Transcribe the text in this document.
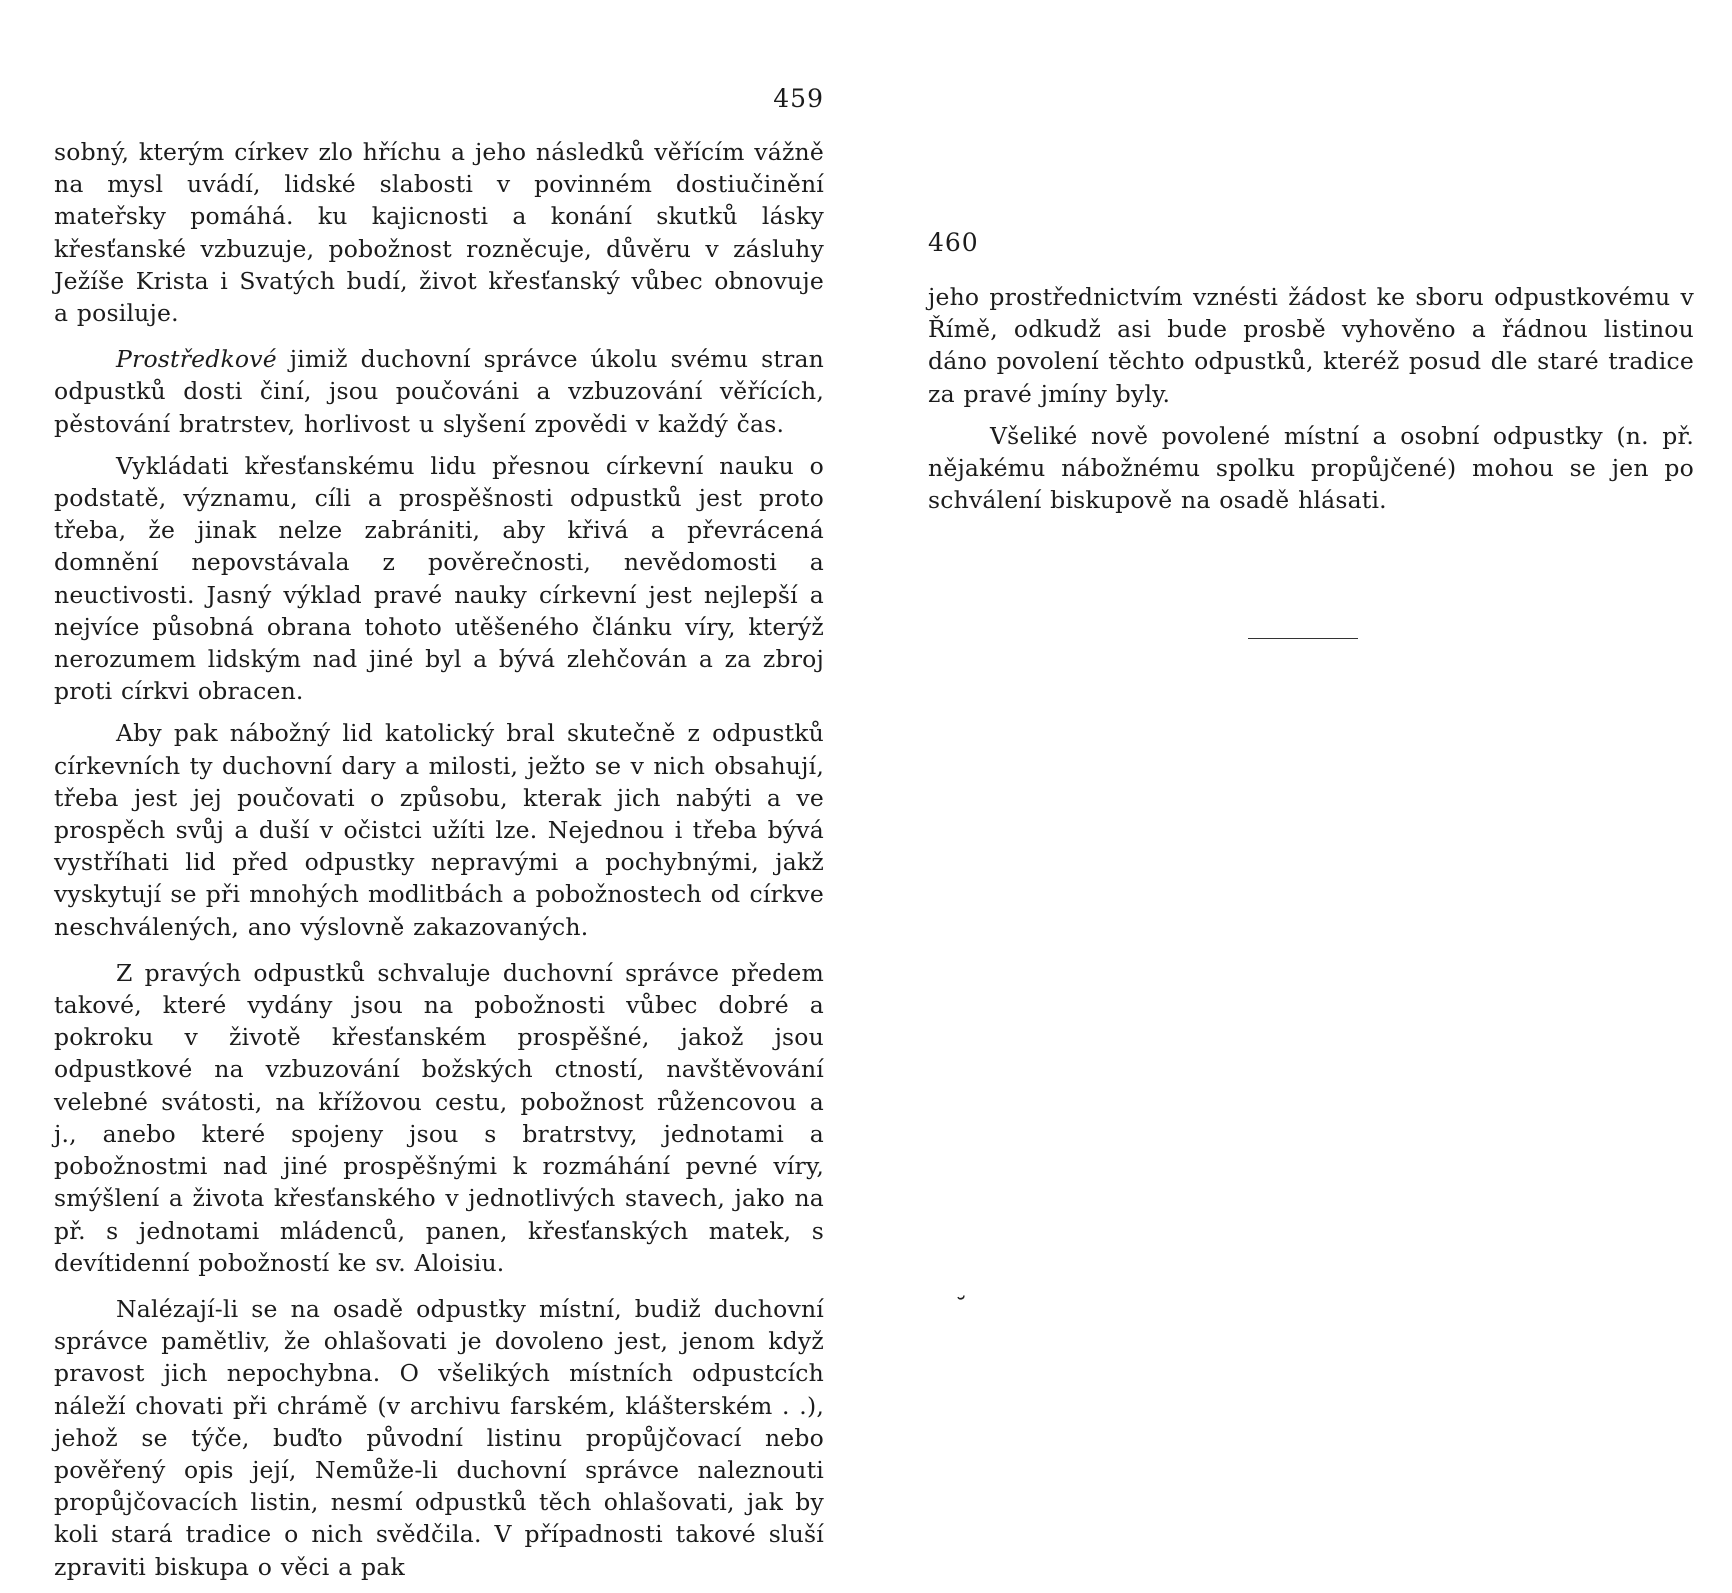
459

sobný, kterým církev zlo hříchu a jeho následků věřícím vážně na mysl uvádí, lidské slabosti v povinném dostiučinění mateřsky pomáhá. ku kajicnosti a konání skutků lásky křesťanské vzbuzuje, pobožnost rozněcuje, důvěru v zásluhy Ježíše Krista i Svatých budí, život křesťanský vůbec obnovuje a posiluje.

Prostředkové jimiž duchovní správce úkolu svému stran odpustků dosti činí, jsou poučováni a vzbuzování věřících, pěstování bratrstev, horlivost u slyšení zpovědi v každý čas.

Vykládati křesťanskému lidu přesnou církevní nauku o podstatě, významu, cíli a prospěšnosti odpustků jest proto třeba, že jinak nelze zabrániti, aby křivá a převrácená domnění nepovstávala z pověrečnosti, nevědomosti a neuctivosti. Jasný výklad pravé nauky církevní jest nejlepší a nejvíce působná obrana tohoto utěšeného článku víry, kterýž nerozumem lidským nad jiné byl a bývá zlehčován a za zbroj proti církvi obracen.

Aby pak nábožný lid katolický bral skutečně z odpustků církevních ty duchovní dary a milosti, ježto se v nich obsahují, třeba jest jej poučovati o způsobu, kterak jich nabýti a ve prospěch svůj a duší v očistci užíti lze. Nejednou i třeba bývá vystříhati lid před odpustky nepravými a pochybnými, jakž vyskytují se při mnohých modlitbách a pobožnostech od církve neschválených, ano výslovně zakazovaných.

Z pravých odpustků schvaluje duchovní správce předem takové, které vydány jsou na pobožnosti vůbec dobré a pokroku v životě křesťanském prospěšné, jakož jsou odpustkové na vzbuzování božských ctností, navštěvování velebné svátosti, na křížovou cestu, pobožnost růžencovou a j., anebo které spojeny jsou s bratrstvy, jednotami a pobožnostmi nad jiné prospěšnými k rozmáhání pevné víry, smýšlení a života křesťanského v jednotlivých stavech, jako na př. s jednotami mládenců, panen, křesťanských matek, s devítidenní pobožností ke sv. Aloisiu.

Nalézají-li se na osadě odpustky místní, budiž duchovní správce pamětliv, že ohlašovati je dovoleno jest, jenom když pravost jich nepochybna. O všelikých místních odpustcích náleží chovati při chrámě (v archivu farském, klášterském . .), jehož se týče, buďto původní listinu propůjčovací nebo pověřený opis její, Nemůže-li duchovní správce naleznouti propůjčovacích listin, nesmí odpustků těch ohlašovati, jak by koli stará tradice o nich svědčila. V případnosti takové sluší zpraviti biskupa o věci a pak

460

jeho prostřednictvím vznésti žádost ke sboru odpustkovému v Římě, odkudž asi bude prosbě vyhověno a řádnou listinou dáno povolení těchto odpustků, kteréž posud dle staré tradice za pravé jmíny byly.

Všeliké nově povolené místní a osobní odpustky (n. př. nějakému nábožnému spolku propůjčené) mohou se jen po schválení biskupově na osadě hlásati.

˘
